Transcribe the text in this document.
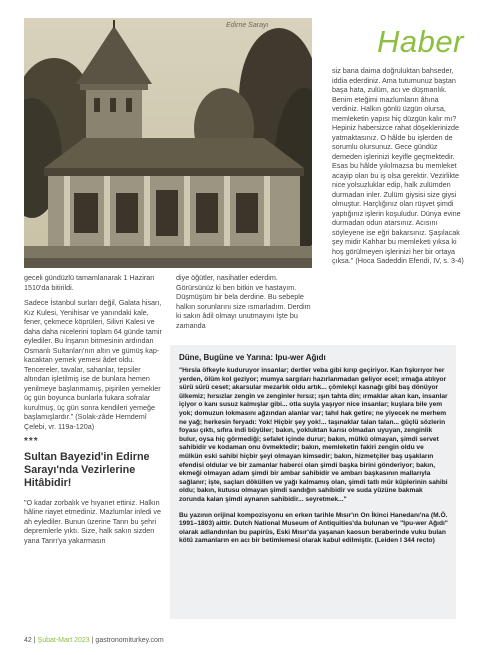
Haber
Edirne Sarayı

geceli gündüzlü tamamlanarak 1 Haziran 1510'da bitirildi.

Sadece İstanbul surları değil, Galata hisarı, Kız Kulesi, Yenihisar ve yanındaki kale, fener, çekmece köprüleri, Silivri Kalesi ve daha daha nicelerini toplam 64 günde tamir eylediler. Bu İnşanın bitmesinin ardından Osmanlı Sultanları'nın altın ve gümüş kap-kacaktan yemek yemesi âdet oldu. Tencereler, tavalar, sahanlar, tepsiler altından işletilmiş ise de bunlara hemen yenilmeye başlanmamış, pişirilen yemekler üç gün boyunca bunlarla fukara sofralar kurulmuş, üç gün sonra kendileri yemeğe başlamışlardır." (Solak-zâde Hemdemî Çelebi, vr. 119a-120a)

***
Sultan Bayezid'in Edirne Sarayı'nda Vezirlerine Hitâbidir!

"O kadar zorbalık ve hıyanet ettiniz. Halkın hâline riayet etmediniz. Mazlumlar inledi ve ah eylediler. Bunun üzerine Tanrı bu şehri depremlerle yıktı. Size, halk sakın sizden yana Tanrı'ya yakarmasın

diye öğütler, nasihatler ederdim. Görürsünüz ki ben bitkin ve hastayım. Düşmüşüm bir bela derdine. Bu sebeple halkın sorunlarını size ısmarladım. Derdim ki sakın âdil olmayı unutmayını İşte bu zamanda

siz bana daima doğruluktan bahseder, iddia ederdiniz. Ama tutumunuz baştan başa hata, zulüm, acı ve düşmanlık. Benim eteğimi mazlumların âhına verdiniz. Halkın gönlü üzgün olursa, memleketin yapısı hiç düzgün kalır mı? Hepiniz habersizce rahat döşeklerinizde yatmaktasınız. O hâlde bu işlerden de sorumlu olursunuz. Gece gündüz demeden işlerinizi keyifle geçmektedir. Esas bu hâlde yıkılmazsa bu memleket acayip olan bu iş olsa gerektir. Vezirlikte nice yolsuzluklar edip, halk zulümden durmadan inler. Zulüm giysisi size giysi olmuştur. Harçlığınız olan rüşvet şimdi yaptığınız işlerin koşuludur. Dünya evine durmadan odun atarsınız. Acısını söyleyene ise eğri bakarsınız. Şaşılacak şey midir Kahhar bu memleketi yıksa ki hoş görülmeyen işlerinizi her bir ortaya çıksa." (Hoca Sadeddin Efendi, IV, s. 3-4)

Düne, Bugüne ve Yarına: Ipu-wer Ağıdı

"Hırsla öfkeyle kuduruyor insanlar; dertler veba gibi kırıp geçiriyor. Kan fışkırıyor her yerden, ölüm kol geziyor; mumya sargıları hazırlanmadan geliyor ecel; ırmağa atılıyor sürü sürü ceset; akarsular mezarlık oldu artık... çömlekçi kasnağı gibi baş dönüyor ülkemiz; hırsızlar zengin ve zenginler hırsız; ışın tahta din; ırmaklar akan kan, insanlar içiyor o kanı susuz kalmışlar gibi... otla suyla yaşıyor nice insanlar; kuşlara bile yem yok; domuzun lokmasını ağzından alanlar var; tahıl hak getire; ne yiyecek ne merhem ne yağ; herkesin feryadı: Yok! Hiçbir şey yok!... taşınaklar talan talan... güçlü sözlerin foyası çıktı, sıfıra indi büyüler; bakın, yokluktan karısı olmadan uyuyan, zenginlik bulur, oysa hiç görmediği; sefalet içinde durur; bakın, mülkü olmayan, şimdi servet sahibidir ve kodaman onu övmektedir; bakın, memleketin fakiri zengin oldu ve mülkün eski sahibi hiçbir şeyi olmayan kimsedir; bakın, hizmetçiler baş uşakların efendisi oldular ve bir zamanlar haberci olan şimdi başka birini gönderiyor; bakın, ekmeği olmayan adam şimdi bir ambar sahibidir ve ambarı başkasının mallarıyla sağlanır; işte, saçları döküllen ve yağı kalmamış olan, şimdi tatlı mür küplerinin sahibi oldu; bakın, kutusu olmayan şimdi sandığın sahibidir ve suda yüzüne bakmak zorunda kalan şimdi aynanın sahibidir... seyretmek..."

Bu yazının orijinal kompozisyonu en erken tarihle Mısır'ın On İkinci Hanedanı'na (M.Ö. 1991–1803) aittir. Dutch National Museum of Antiquities'da bulunan ve "Ipu-wer Ağıdı" olarak adlandırılan bu papirüs, Eski Mısır'da yaşanan kaosun beraberinde vuku bulan kötü zamanların en acı bir betimlemesi olarak kabul edilmiştir. (Leiden I 344 recto)

42 | Şubat-Mart 2023 | gastronomiturkey.com
